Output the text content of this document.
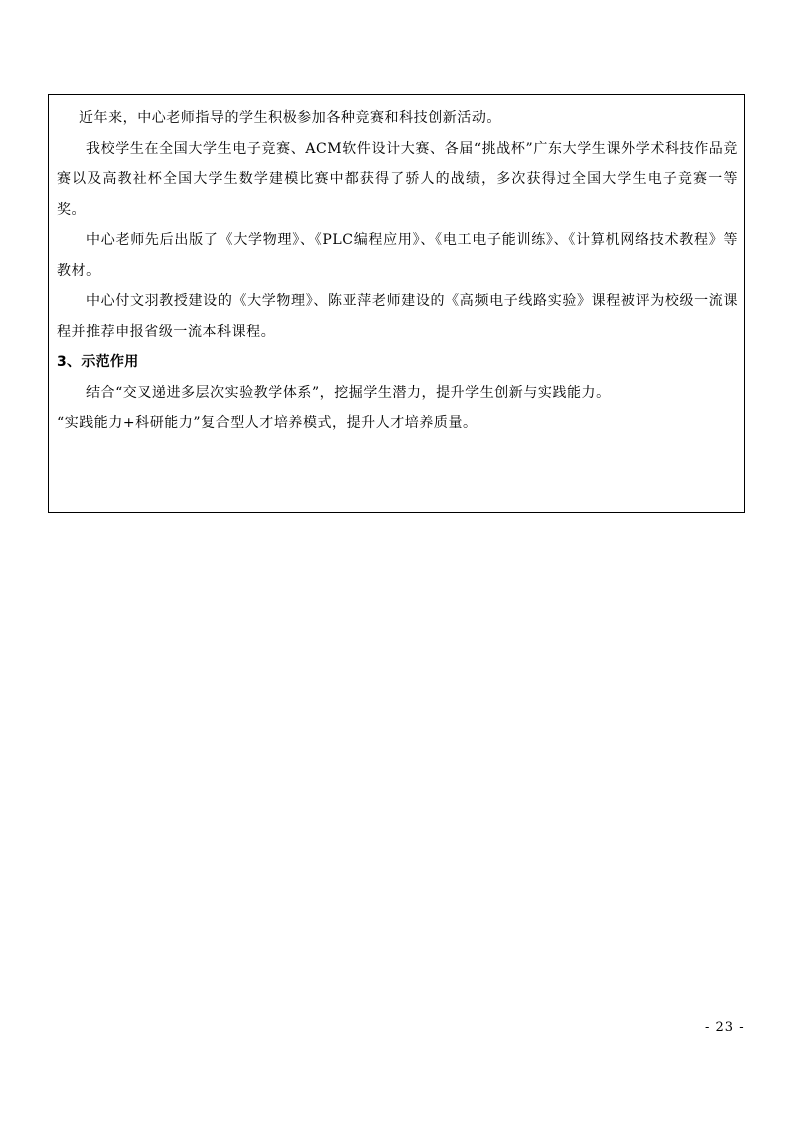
近年来，中心老师指导的学生积极参加各种竞赛和科技创新活动。

我校学生在全国大学生电子竞赛、ACM软件设计大赛、各届“挑战杯”广东大学生课外学术科技作品竞赛以及高教社杯全国大学生数学建模比赛中都获得了骄人的战绩，多次获得过全国大学生电子竞赛一等奖。

中心老师先后出版了《大学物理》、《PLC编程应用》、《电工电子能训练》、《计算机网络技术教程》等教材。

中心付文羽教授建设的《大学物理》、陈亚萍老师建设的《高频电子线路实验》课程被评为校级一流课程并推荐申报省级一流本科课程。

3、示范作用

结合“交叉递进多层次实验教学体系”，挖掘学生潜力，提升学生创新与实践能力。

“实践能力+科研能力”复合型人才培养模式，提升人才培养质量。

- 23 -
